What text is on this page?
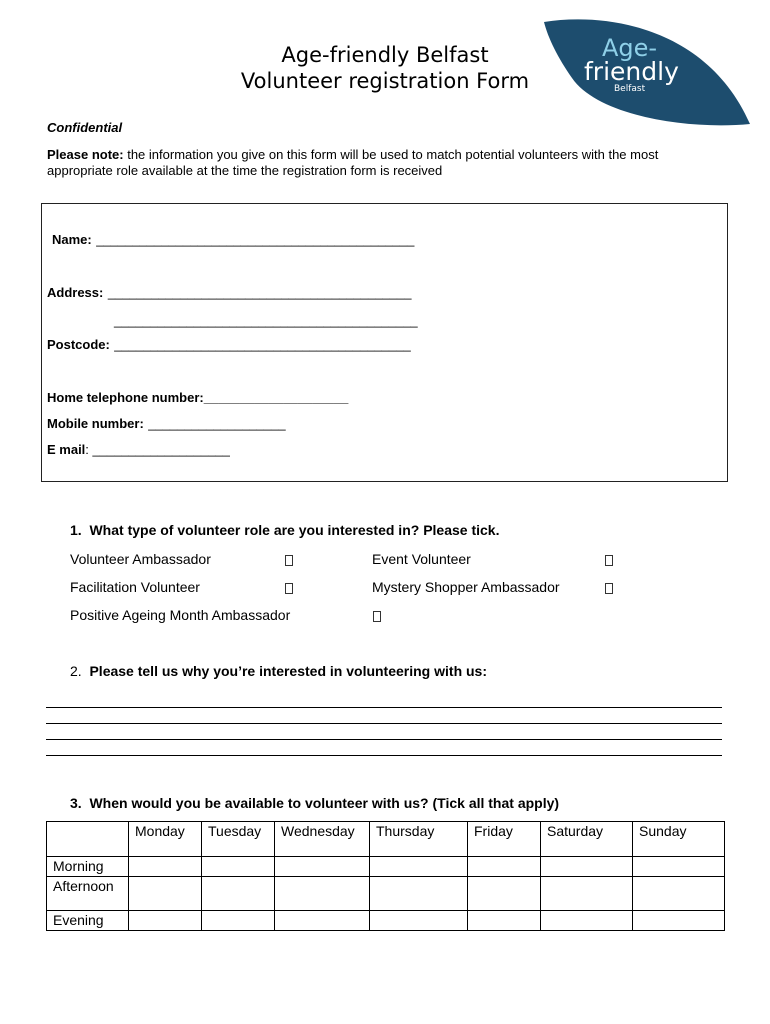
Age-friendly Belfast
Volunteer registration Form
Age-
friendly
Belfast
Confidential
Please note: the information you give on this form will be used to match potential volunteers with the most
appropriate role available at the time the registration form is received
Name: ____________________________________________
Address: __________________________________________
__________________________________________
Postcode: _________________________________________
Home telephone number:____________________
Mobile number: ___________________
E mail: ___________________
1. What type of volunteer role are you interested in? Please tick.
Volunteer Ambassador	Event Volunteer
Facilitation Volunteer	Mystery Shopper Ambassador
Positive Ageing Month Ambassador
2. Please tell us why you’re interested in volunteering with us:
3. When would you be available to volunteer with us? (Tick all that apply)
	Monday	Tuesday	Wednesday	Thursday	Friday	Saturday	Sunday
Morning							
Afternoon							
Evening							
